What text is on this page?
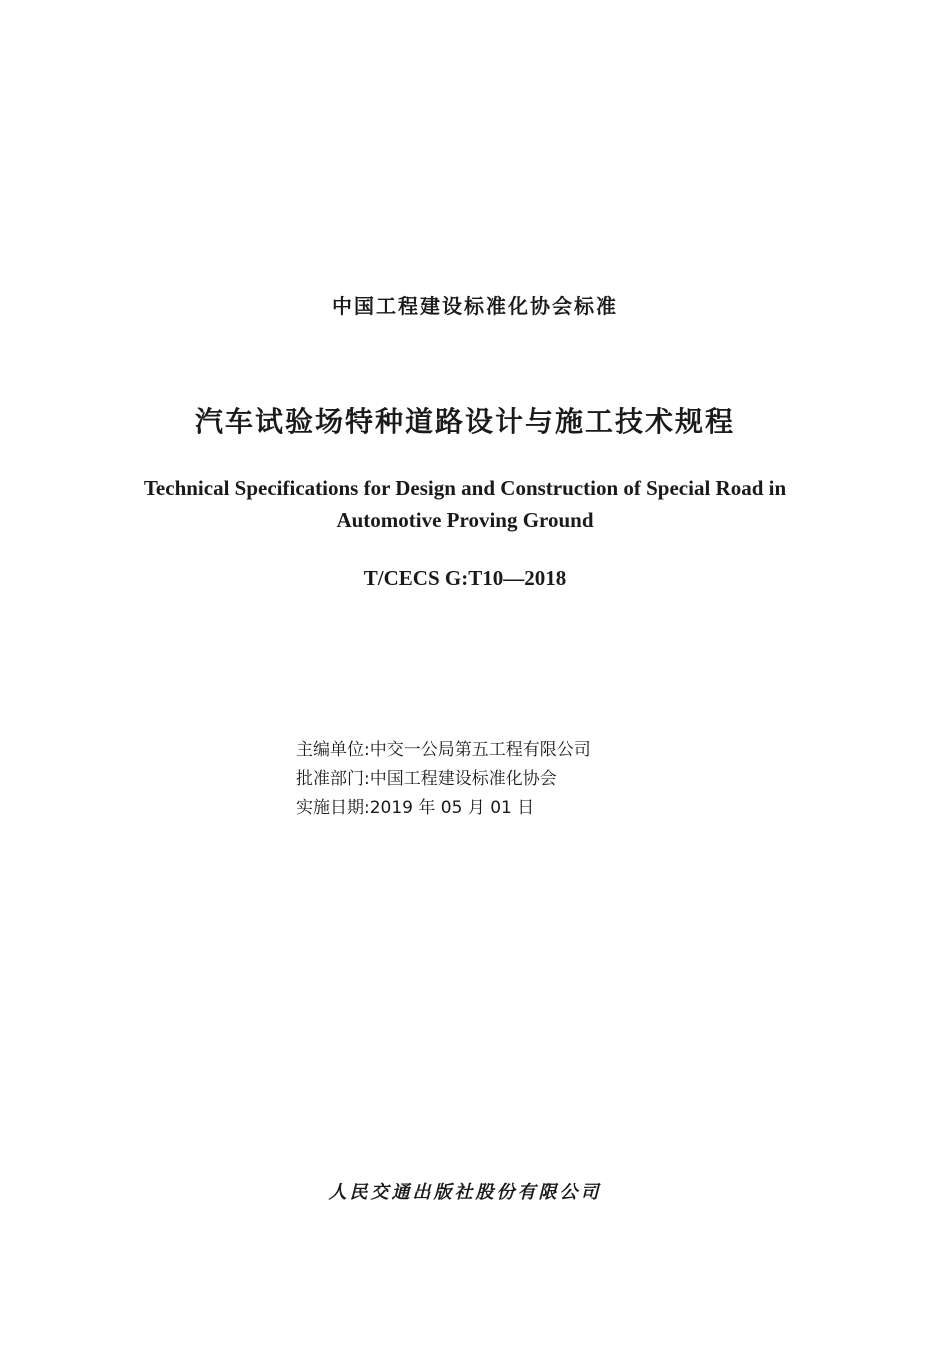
中国工程建设标准化协会标准
汽车试验场特种道路设计与施工技术规程
Technical Specifications for Design and Construction of Special Road in
Automotive Proving Ground
T/CECS G:T10—2018
主编单位:中交一公局第五工程有限公司
批准部门:中国工程建设标准化协会
实施日期:2019 年 05 月 01 日
人民交通出版社股份有限公司
